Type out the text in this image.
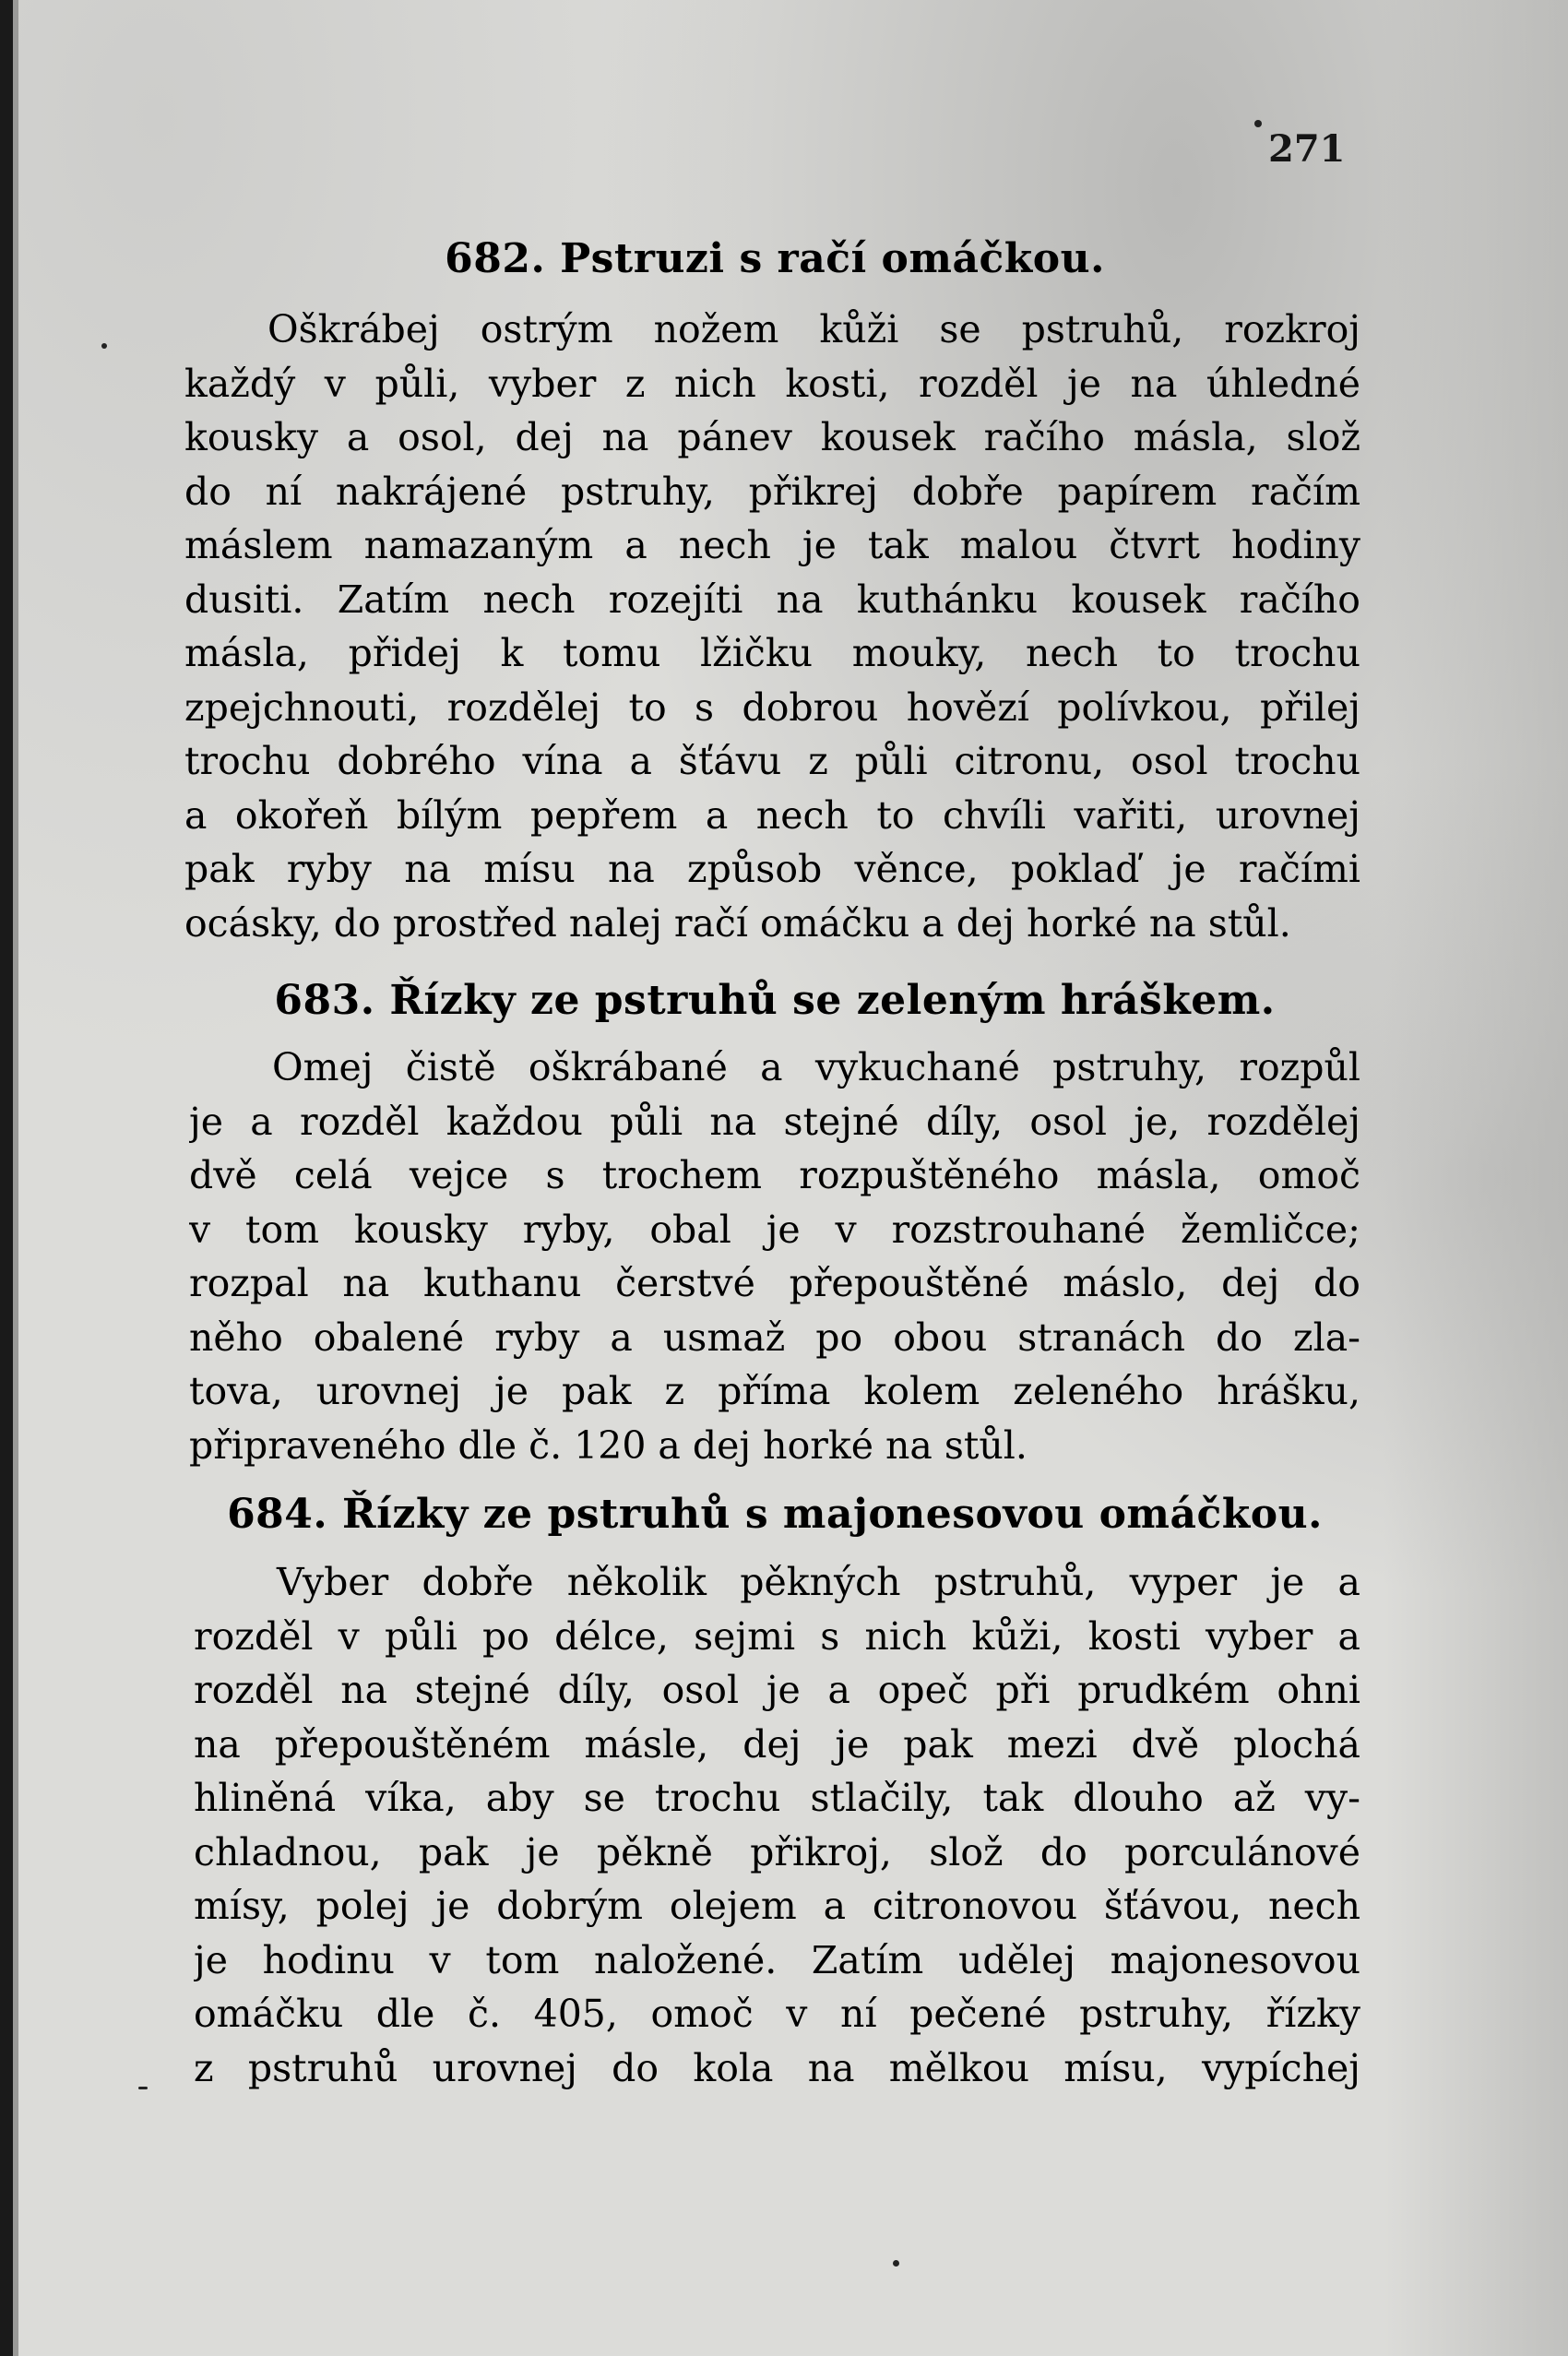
271
682. Pstruzi s račí omáčkou.
Oškrábej ostrým nožem kůži se pstruhů, rozkroj
každý v půli, vyber z nich kosti, rozděl je na úhledné
kousky a osol, dej na pánev kousek račího másla, slož
do ní nakrájené pstruhy, přikrej dobře papírem račím
máslem namazaným a nech je tak malou čtvrt hodiny
dusiti. Zatím nech rozejíti na kuthánku kousek račího
másla, přidej k tomu lžičku mouky, nech to trochu
zpejchnouti, rozdělej to s dobrou hovězí polívkou, přilej
trochu dobrého vína a šťávu z půli citronu, osol trochu
a okořeň bílým pepřem a nech to chvíli vařiti, urovnej
pak ryby na mísu na způsob věnce, poklaď je račími
ocásky, do prostřed nalej račí omáčku a dej horké na stůl.
683. Řízky ze pstruhů se zeleným hráškem.
Omej čistě oškrábané a vykuchané pstruhy, rozpůl
je a rozděl každou půli na stejné díly, osol je, rozdělej
dvě celá vejce s trochem rozpuštěného másla, omoč
v tom kousky ryby, obal je v rozstrouhané žemličce;
rozpal na kuthanu čerstvé přepouštěné máslo, dej do
něho obalené ryby a usmaž po obou stranách do zla-
tova, urovnej je pak z příma kolem zeleného hrášku,
připraveného dle č. 120 a dej horké na stůl.
684. Řízky ze pstruhů s majonesovou omáčkou.
Vyber dobře několik pěkných pstruhů, vyper je a
rozděl v půli po délce, sejmi s nich kůži, kosti vyber a
rozděl na stejné díly, osol je a opeč při prudkém ohni
na přepouštěném másle, dej je pak mezi dvě plochá
hliněná víka, aby se trochu stlačily, tak dlouho až vy-
chladnou, pak je pěkně přikroj, slož do porculánové
mísy, polej je dobrým olejem a citronovou šťávou, nech
je hodinu v tom naložené. Zatím udělej majonesovou
omáčku dle č. 405, omoč v ní pečené pstruhy, řízky
z pstruhů urovnej do kola na mělkou mísu, vypíchej
